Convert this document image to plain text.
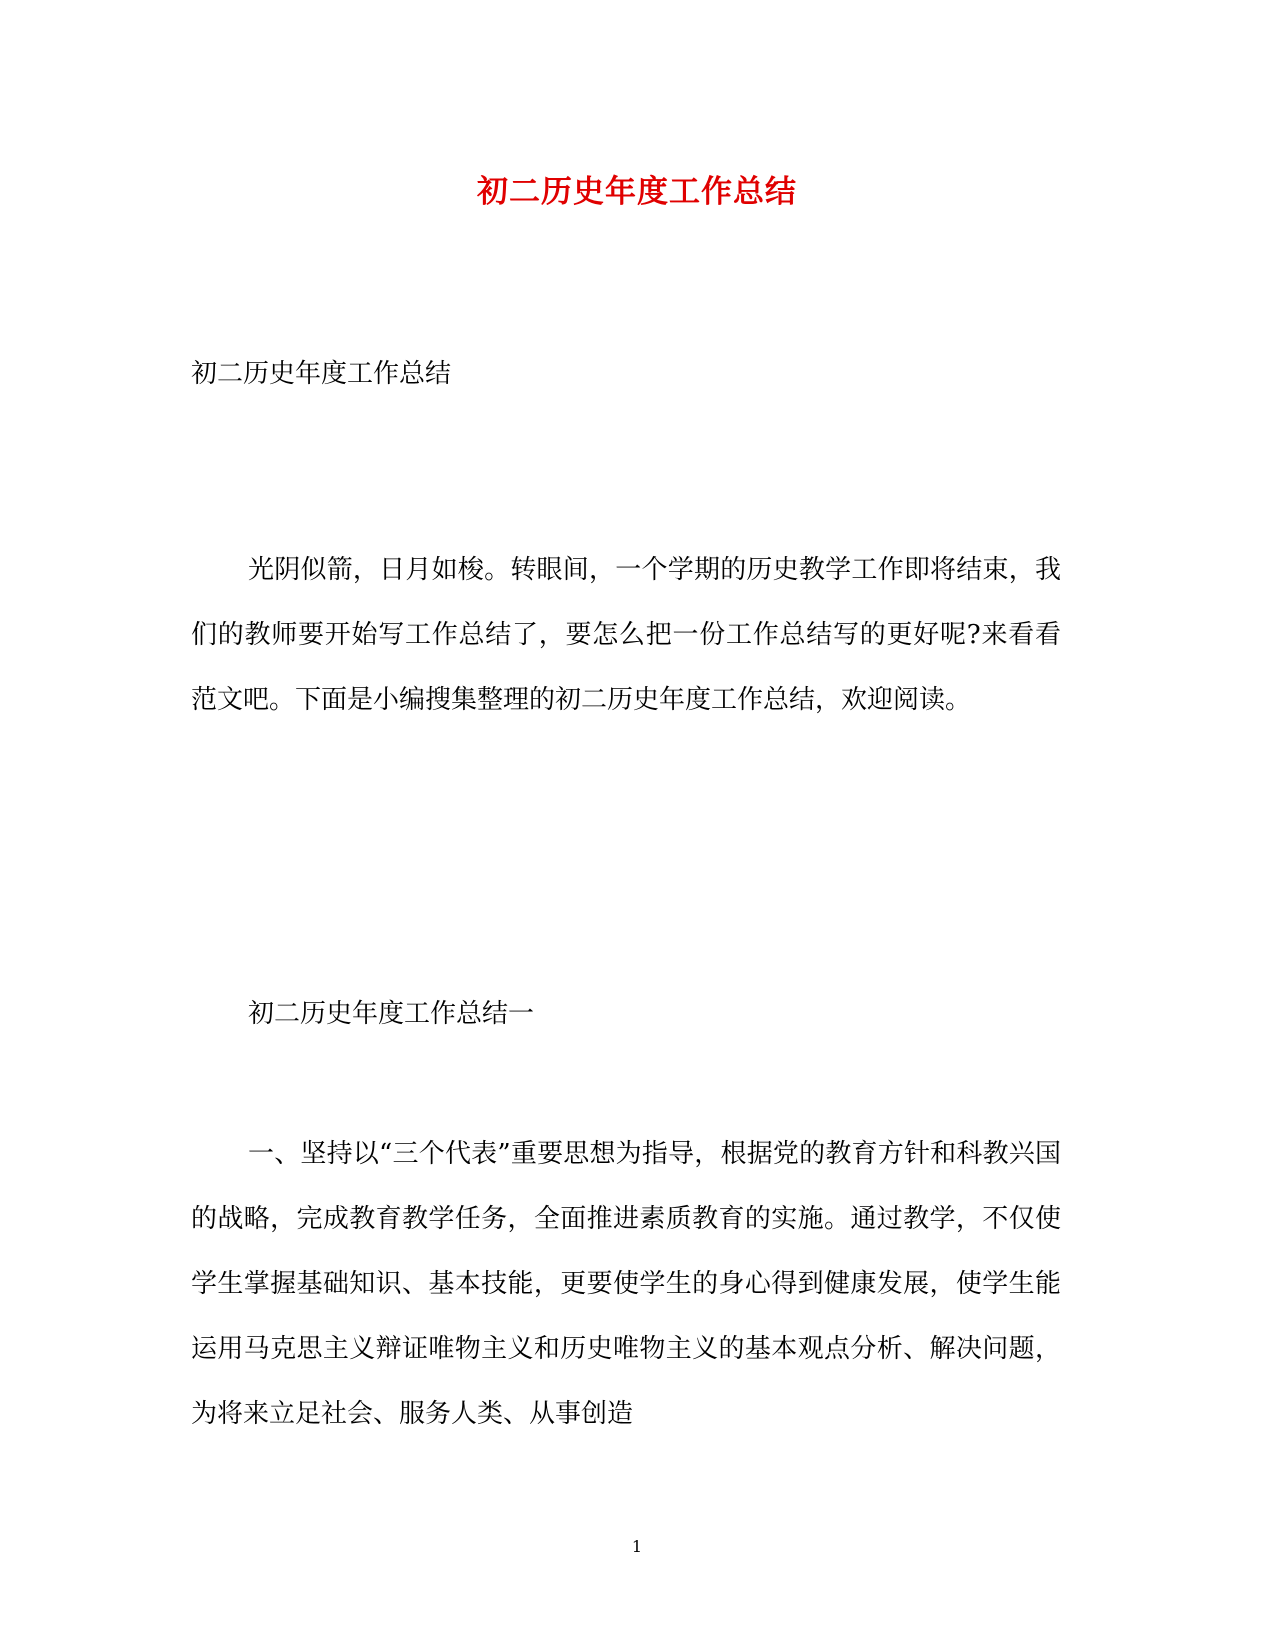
初二历史年度工作总结
初二历史年度工作总结

光阴似箭，日月如梭。转眼间，一个学期的历史教学工作即将结束，我们的教师要开始写工作总结了，要怎么把一份工作总结写的更好呢?来看看范文吧。下面是小编搜集整理的初二历史年度工作总结，欢迎阅读。

初二历史年度工作总结一

一、坚持以“三个代表”重要思想为指导，根据党的教育方针和科教兴国的战略，完成教育教学任务，全面推进素质教育的实施。通过教学，不仅使学生掌握基础知识、基本技能，更要使学生的身心得到健康发展，使学生能运用马克思主义辩证唯物主义和历史唯物主义的基本观点分析、解决问题，为将来立足社会、服务人类、从事创造

1
